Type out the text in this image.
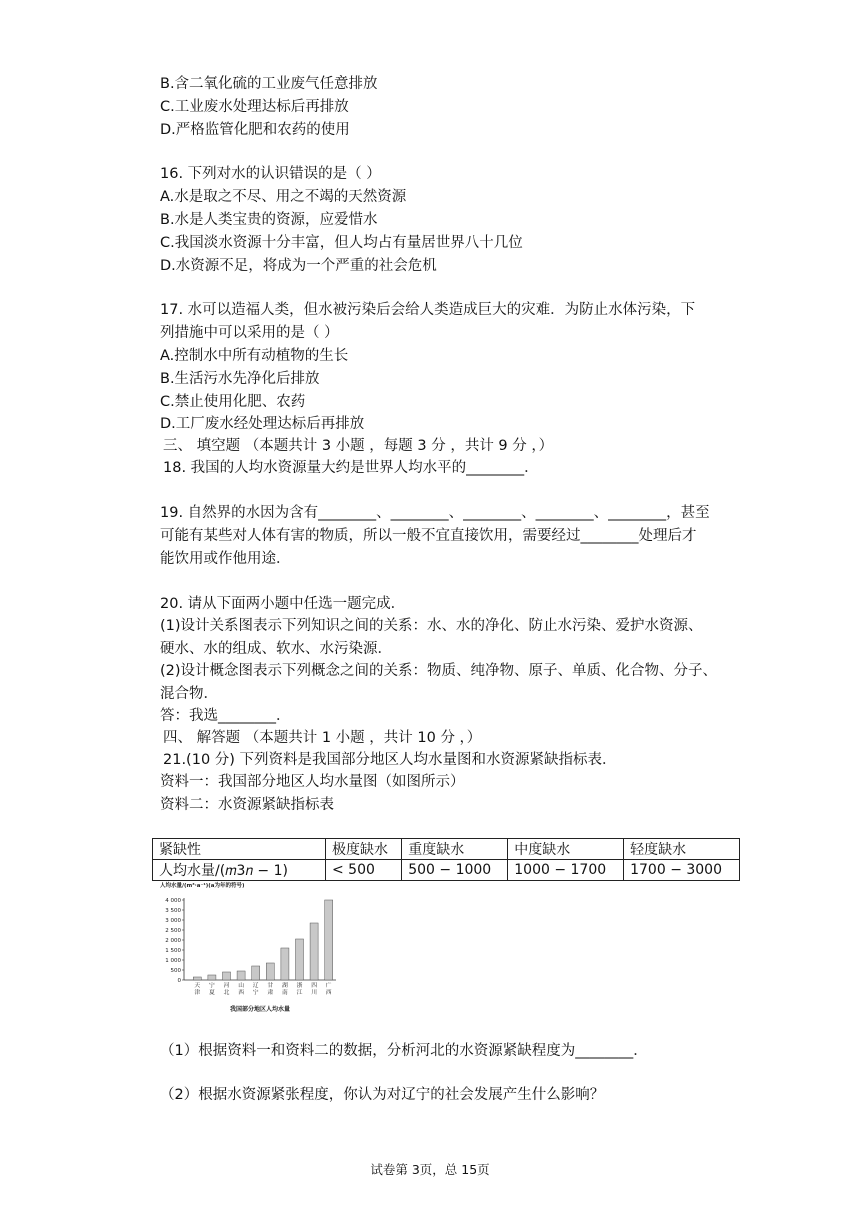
B.含二氧化硫的工业废气任意排放
C.工业废水处理达标后再排放
D.严格监管化肥和农药的使用
16. 下列对水的认识错误的是（ ）
A.水是取之不尽、用之不竭的天然资源
B.水是人类宝贵的资源，应爱惜水
C.我国淡水资源十分丰富，但人均占有量居世界八十几位
D.水资源不足，将成为一个严重的社会危机
17. 水可以造福人类，但水被污染后会给人类造成巨大的灾难．为防止水体污染，下
列措施中可以采用的是（ ）
A.控制水中所有动植物的生长
B.生活污水先净化后排放
C.禁止使用化肥、农药
D.工厂废水经处理达标后再排放
三、 填空题 （本题共计 3 小题 ，每题 3 分 ，共计 9 分 ，）
18. 我国的人均水资源量大约是世界人均水平的________．
19. 自然界的水因为含有________、________、________、________、________，甚至
可能有某些对人体有害的物质，所以一般不宜直接饮用，需要经过________处理后才
能饮用或作他用途．
20. 请从下面两小题中任选一题完成．
(1)设计关系图表示下列知识之间的关系：水、水的净化、防止水污染、爱护水资源、
硬水、水的组成、软水、水污染源．
(2)设计概念图表示下列概念之间的关系：物质、纯净物、原子、单质、化合物、分子、
混合物．
答：我选________．
四、 解答题 （本题共计 1 小题 ，共计 10 分 ，）
21.(10 分) 下列资料是我国部分地区人均水量图和水资源紧缺指标表．
资料一：我国部分地区人均水量图（如图所示）
资料二：水资源紧缺指标表
紧缺性	极度缺水	重度缺水	中度缺水	轻度缺水
人均水量/(𝑚3𝑛 − 1)	< 500	500 − 1000	1000 − 1700	1700 − 3000
人均水量/(m³·a⁻¹)(a为年的符号)
0
500
1 000
1 500
2 000
2 500
3 000
3 500
4 000
天
津
宁
夏
河
北
山
西
辽
宁
甘
肃
湖
南
浙
江
四
川
广
西
我国部分地区人均水量
（1）根据资料一和资料二的数据，分析河北的水资源紧缺程度为________．
（2）根据水资源紧张程度，你认为对辽宁的社会发展产生什么影响？
试卷第 3页，总 15页
